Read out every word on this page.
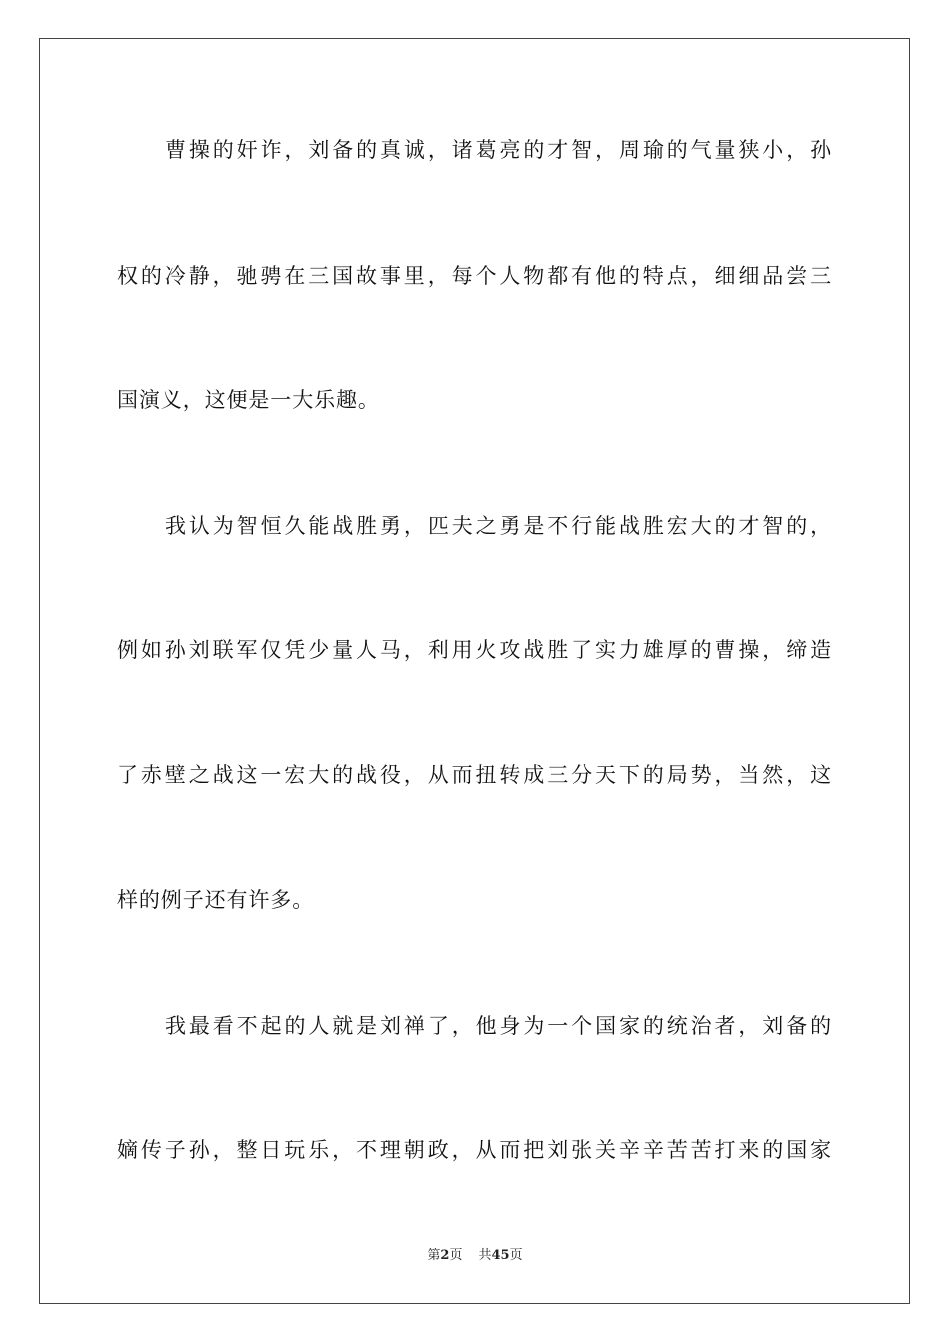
曹操的奸诈，刘备的真诚，诸葛亮的才智，周瑜的气量狭小，孙
权的冷静，驰骋在三国故事里，每个人物都有他的特点，细细品尝三
国演义，这便是一大乐趣。
我认为智恒久能战胜勇，匹夫之勇是不行能战胜宏大的才智的，
例如孙刘联军仅凭少量人马，利用火攻战胜了实力雄厚的曹操，缔造
了赤壁之战这一宏大的战役，从而扭转成三分天下的局势，当然，这
样的例子还有许多。
我最看不起的人就是刘禅了，他身为一个国家的统治者，刘备的
嫡传子孙，整日玩乐，不理朝政，从而把刘张关辛辛苦苦打来的国家
第2页 共45页
